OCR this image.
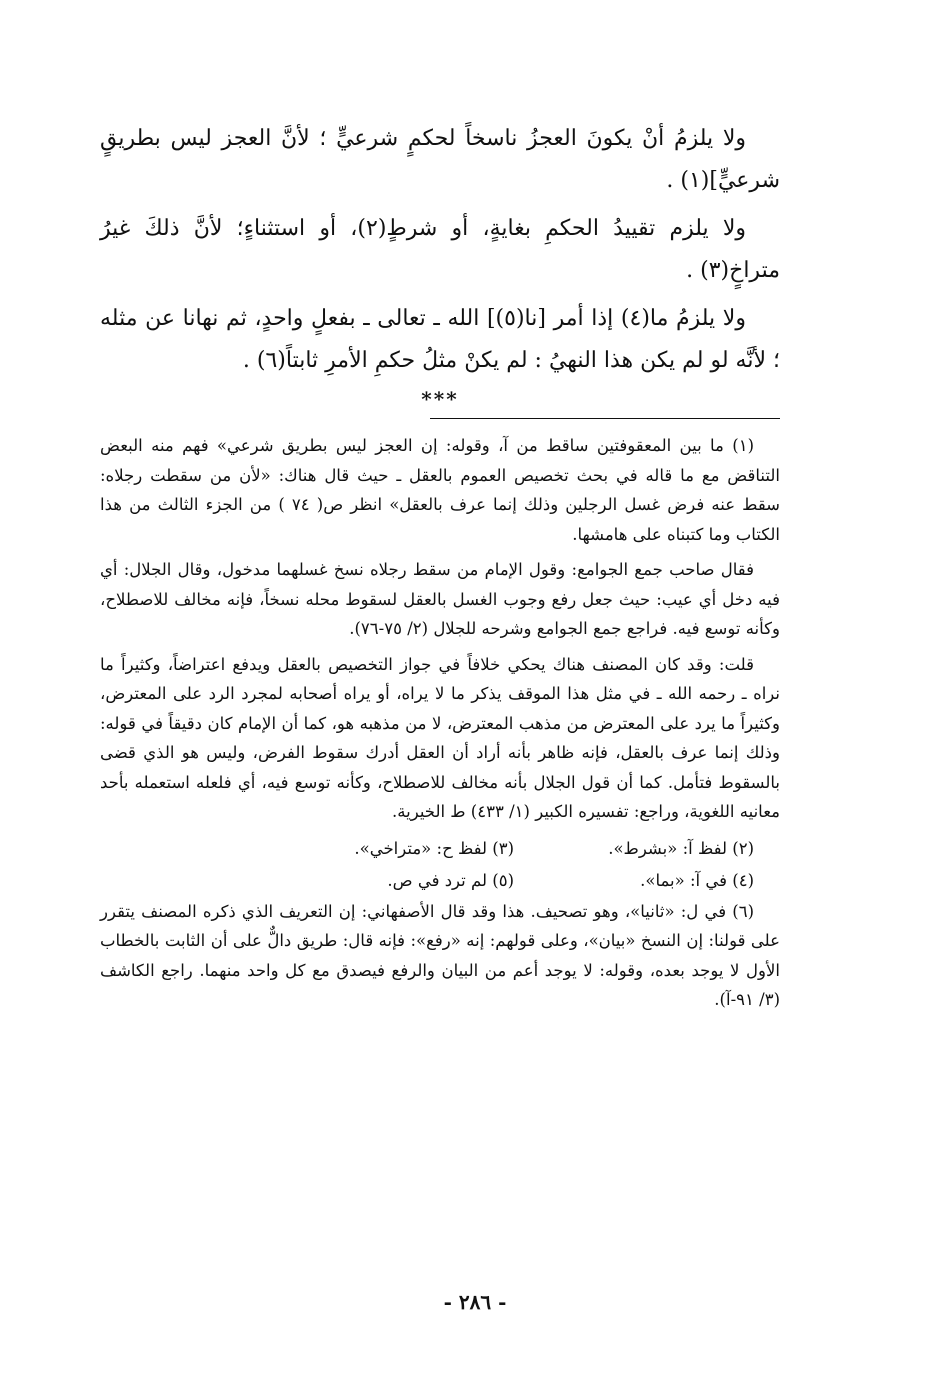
ولا يلزمُ أنْ يكونَ العجزُ ناسخاً لحكمٍ شرعيٍّ ؛ لأنَّ العجز ليس بطريقٍ شرعيٍّ](١) .

ولا يلزم تقييدُ الحكمِ بغايةٍ، أو شرطٍ(٢)، أو استثناءٍ؛ لأنَّ ذلكَ غيرُ متراخٍ(٣) .

ولا يلزمُ ما(٤) إذا أمر [نا(٥)] الله ـ تعالى ـ بفعلٍ واحدٍ، ثم نهانا عن مثله ؛ لأنَّه لو لم يكن هذا النهيُ : لم يكنْ مثلُ حكمِ الأمرِ ثابتاً(٦) .

***

(١) ما بين المعقوفتين ساقط من آ، وقوله: إن العجز ليس بطريق شرعي» فهم منه البعض التناقض مع ما قاله في بحث تخصيص العموم بالعقل ـ حيث قال هناك: «لأن من سقطت رجلاه: سقط عنه فرض غسل الرجلين وذلك إنما عرف بالعقل» انظر ص( ٧٤ ) من الجزء الثالث من هذا الكتاب وما كتبناه على هامشها.

فقال صاحب جمع الجوامع: وقول الإمام من سقط رجلاه نسخ غسلهما مدخول، وقال الجلال: أي فيه دخل أي عيب: حيث جعل رفع وجوب الغسل بالعقل لسقوط محله نسخاً، فإنه مخالف للاصطلاح، وكأنه توسع فيه. فراجع جمع الجوامع وشرحه للجلال (٢/ ٧٥-٧٦).

قلت: وقد كان المصنف هناك يحكي خلافاً في جواز التخصيص بالعقل ويدفع اعتراضاً، وكثيراً ما نراه ـ رحمه الله ـ في مثل هذا الموقف يذكر ما لا يراه، أو يراه أصحابه لمجرد الرد على المعترض، وكثيراً ما يرد على المعترض من مذهب المعترض، لا من مذهبه هو، كما أن الإمام كان دقيقاً في قوله: وذلك إنما عرف بالعقل، فإنه ظاهر بأنه أراد أن العقل أدرك سقوط الفرض، وليس هو الذي قضى بالسقوط فتأمل. كما أن قول الجلال بأنه مخالف للاصطلاح، وكأنه توسع فيه، أي فلعله استعمله بأحد معانيه اللغوية، وراجع: تفسيره الكبير (١/ ٤٣٣) ط الخيرية.

(٢) لفظ آ: «بشرط».
(٣) لفظ ح: «متراخي».
(٤) في آ: «بما».
(٥) لم ترد في ص.

(٦) في ل: «ثانيا»، وهو تصحيف. هذا وقد قال الأصفهاني: إن التعريف الذي ذكره المصنف يتقرر على قولنا: إن النسخ «بيان»، وعلى قولهم: إنه «رفع»: فإنه قال: طريق دالٌّ على أن الثابت بالخطاب الأول لا يوجد بعده، وقوله: لا يوجد أعم من البيان والرفع فيصدق مع كل واحد منهما. راجع الكاشف (٣/ ٩١-آ).

- ٢٨٦ -
